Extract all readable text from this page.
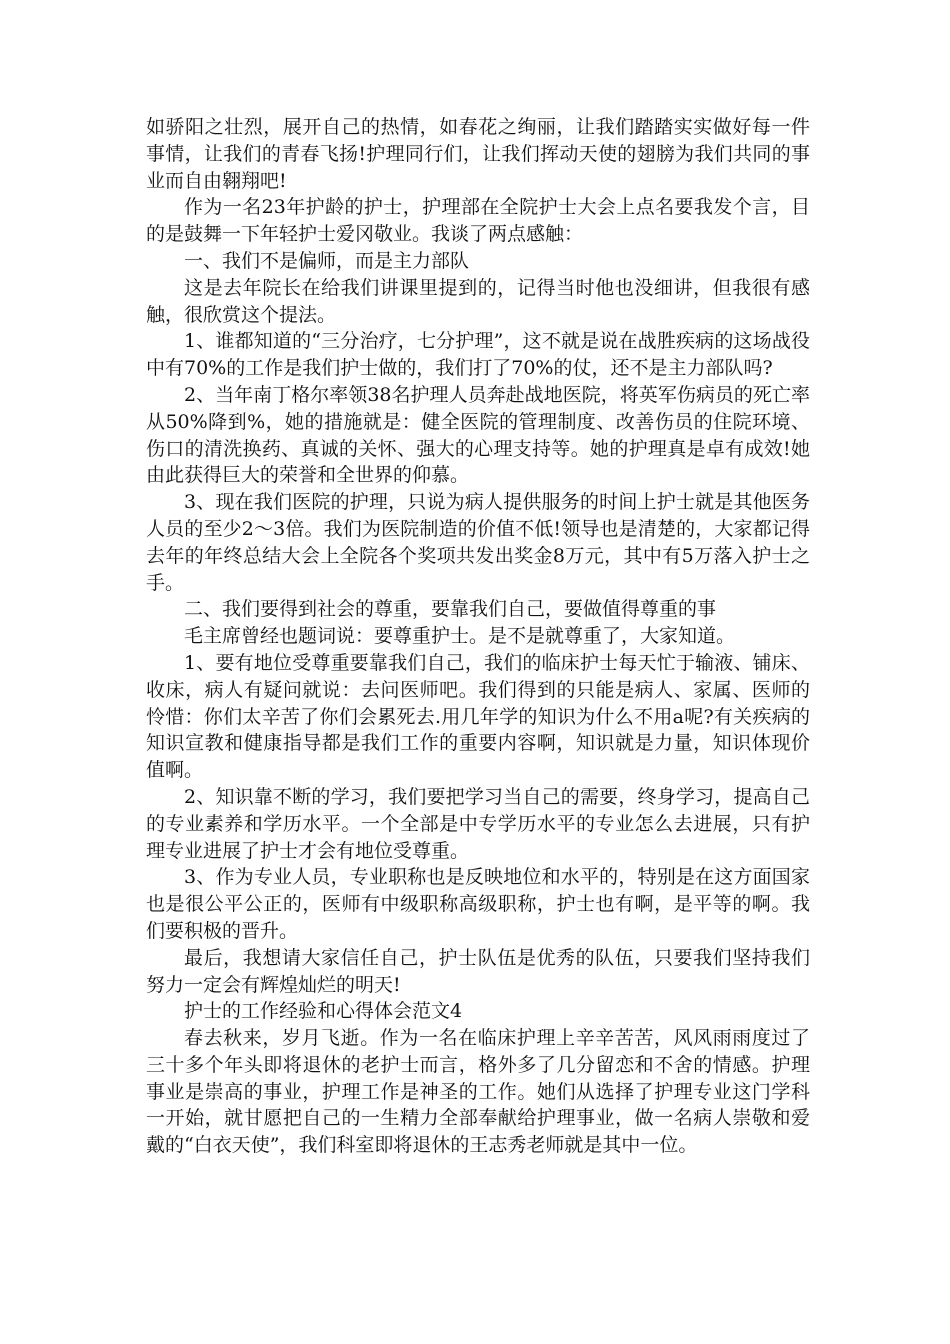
如骄阳之壮烈，展开自己的热情，如春花之绚丽，让我们踏踏实实做好每一件事情，让我们的青春飞扬!护理同行们，让我们挥动天使的翅膀为我们共同的事业而自由翱翔吧!

作为一名23年护龄的护士，护理部在全院护士大会上点名要我发个言，目的是鼓舞一下年轻护士爱冈敬业。我谈了两点感触：

一、我们不是偏师，而是主力部队

这是去年院长在给我们讲课里提到的，记得当时他也没细讲，但我很有感触，很欣赏这个提法。

1、谁都知道的“三分治疗，七分护理”，这不就是说在战胜疾病的这场战役中有70%的工作是我们护士做的，我们打了70%的仗，还不是主力部队吗?

2、当年南丁格尔率领38名护理人员奔赴战地医院，将英军伤病员的死亡率从50%降到%，她的措施就是：健全医院的管理制度、改善伤员的住院环境、伤口的清洗换药、真诚的关怀、强大的心理支持等。她的护理真是卓有成效!她由此获得巨大的荣誉和全世界的仰慕。

3、现在我们医院的护理，只说为病人提供服务的时间上护士就是其他医务人员的至少2～3倍。我们为医院制造的价值不低!领导也是清楚的，大家都记得去年的年终总结大会上全院各个奖项共发出奖金8万元，其中有5万落入护士之手。

二、我们要得到社会的尊重，要靠我们自己，要做值得尊重的事

毛主席曾经也题词说：要尊重护士。是不是就尊重了，大家知道。

1、要有地位受尊重要靠我们自己，我们的临床护士每天忙于输液、铺床、收床，病人有疑问就说：去问医师吧。我们得到的只能是病人、家属、医师的怜惜：你们太辛苦了你们会累死去.用几年学的知识为什么不用a呢?有关疾病的知识宣教和健康指导都是我们工作的重要内容啊，知识就是力量，知识体现价值啊。

2、知识靠不断的学习，我们要把学习当自己的需要，终身学习，提高自己的专业素养和学历水平。一个全部是中专学历水平的专业怎么去进展，只有护理专业进展了护士才会有地位受尊重。

3、作为专业人员，专业职称也是反映地位和水平的，特别是在这方面国家也是很公平公正的，医师有中级职称高级职称，护士也有啊，是平等的啊。我们要积极的晋升。

最后，我想请大家信任自己，护士队伍是优秀的队伍，只要我们坚持我们努力一定会有辉煌灿烂的明天!

护士的工作经验和心得体会范文4

春去秋来，岁月飞逝。作为一名在临床护理上辛辛苦苦，风风雨雨度过了三十多个年头即将退休的老护士而言，格外多了几分留恋和不舍的情感。护理事业是崇高的事业，护理工作是神圣的工作。她们从选择了护理专业这门学科一开始，就甘愿把自己的一生精力全部奉献给护理事业，做一名病人崇敬和爱戴的“白衣天使”，我们科室即将退休的王志秀老师就是其中一位。
